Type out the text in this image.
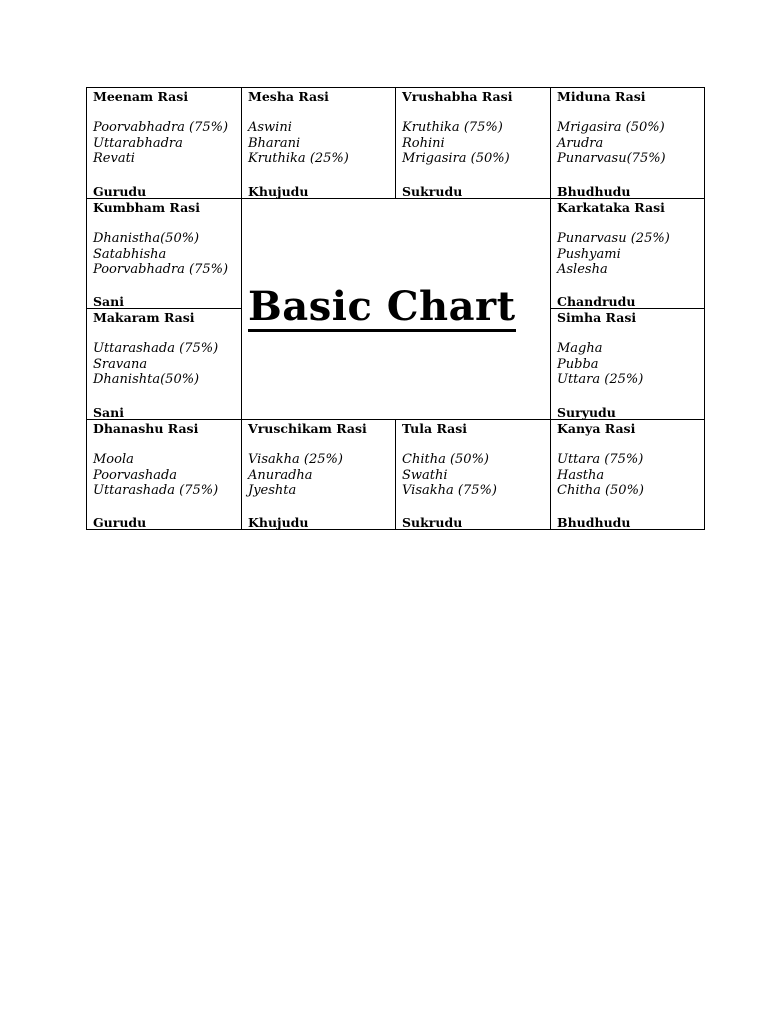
Meenam Rasi
Poorvabhadra (75%)
Uttarabhadra
Revati
Gurudu
Mesha Rasi
Aswini
Bharani
Kruthika (25%)
Khujudu
Vrushabha Rasi
Kruthika (75%)
Rohini
Mrigasira (50%)
Sukrudu
Miduna Rasi
Mrigasira (50%)
Arudra
Punarvasu(75%)
Bhudhudu
Kumbham Rasi
Dhanistha(50%)
Satabhisha
Poorvabhadra (75%)
Sani	Basic Chart
Karkataka Rasi
Punarvasu (25%)
Pushyami
Aslesha
Chandrudu
Makaram Rasi
Uttarashada (75%)
Sravana
Dhanishta(50%)
Sani
Simha Rasi
Magha
Pubba
Uttara (25%)
Suryudu
Dhanashu Rasi
Moola
Poorvashada
Uttarashada (75%)
Gurudu
Vruschikam Rasi
Visakha (25%)
Anuradha
Jyeshta
Khujudu
Tula Rasi
Chitha (50%)
Swathi
Visakha (75%)
Sukrudu
Kanya Rasi
Uttara (75%)
Hastha
Chitha (50%)
Bhudhudu
